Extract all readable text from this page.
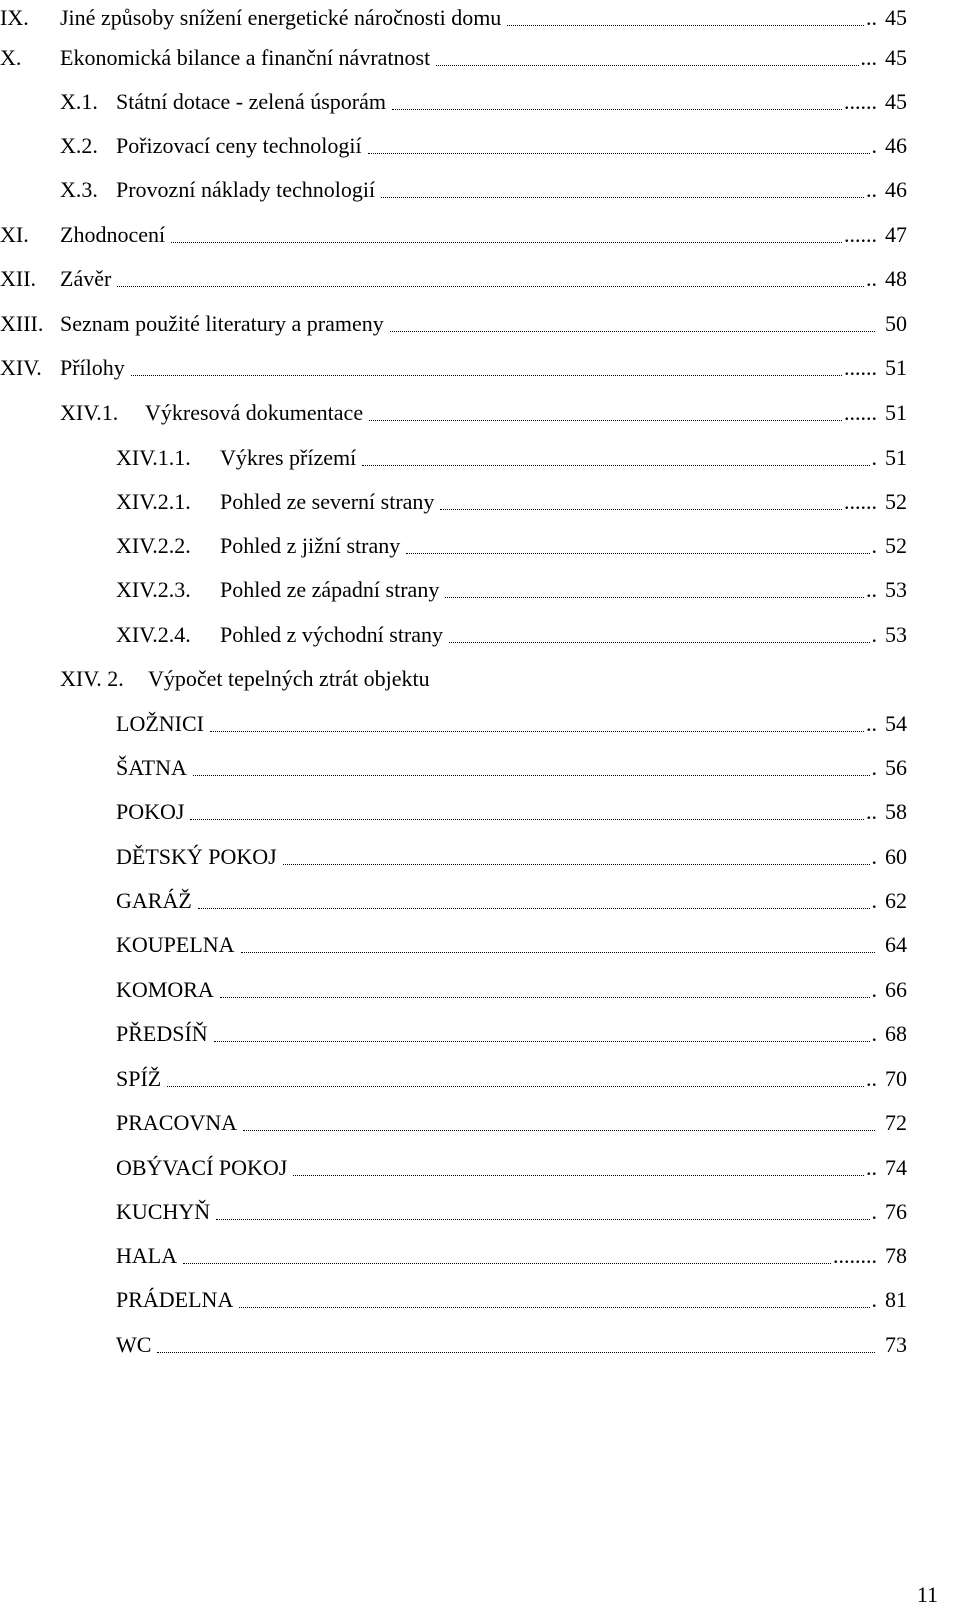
IX. Jiné způsoby snížení energetické náročnosti domu	.. 45
X. Ekonomická bilance a finanční návratnost	... 45
X.1. Státní dotace - zelená úsporám	...... 45
X.2. Pořizovací ceny technologií	. 46
X.3. Provozní náklady technologií	.. 46
XI. Zhodnocení	...... 47
XII. Závěr	.. 48
XIII. Seznam použité literatury a prameny	50
XIV. Přílohy	...... 51
XIV.1. Výkresová dokumentace	...... 51
XIV.1.1. Výkres přízemí	. 51
XIV.2.1. Pohled ze severní strany	...... 52
XIV.2.2. Pohled z jižní strany	. 52
XIV.2.3. Pohled ze západní strany	.. 53
XIV.2.4. Pohled z východní strany	. 53
XIV. 2. Výpočet tepelných ztrát objektu
LOŽNICI	.. 54
ŠATNA	. 56
POKOJ	.. 58
DĚTSKÝ POKOJ	. 60
GARÁŽ	. 62
KOUPELNA	64
KOMORA	. 66
PŘEDSÍŇ	. 68
SPÍŽ	.. 70
PRACOVNA	72
OBÝVACÍ POKOJ	.. 74
KUCHYŇ	. 76
HALA	........ 78
PRÁDELNA	. 81
WC	73
11
